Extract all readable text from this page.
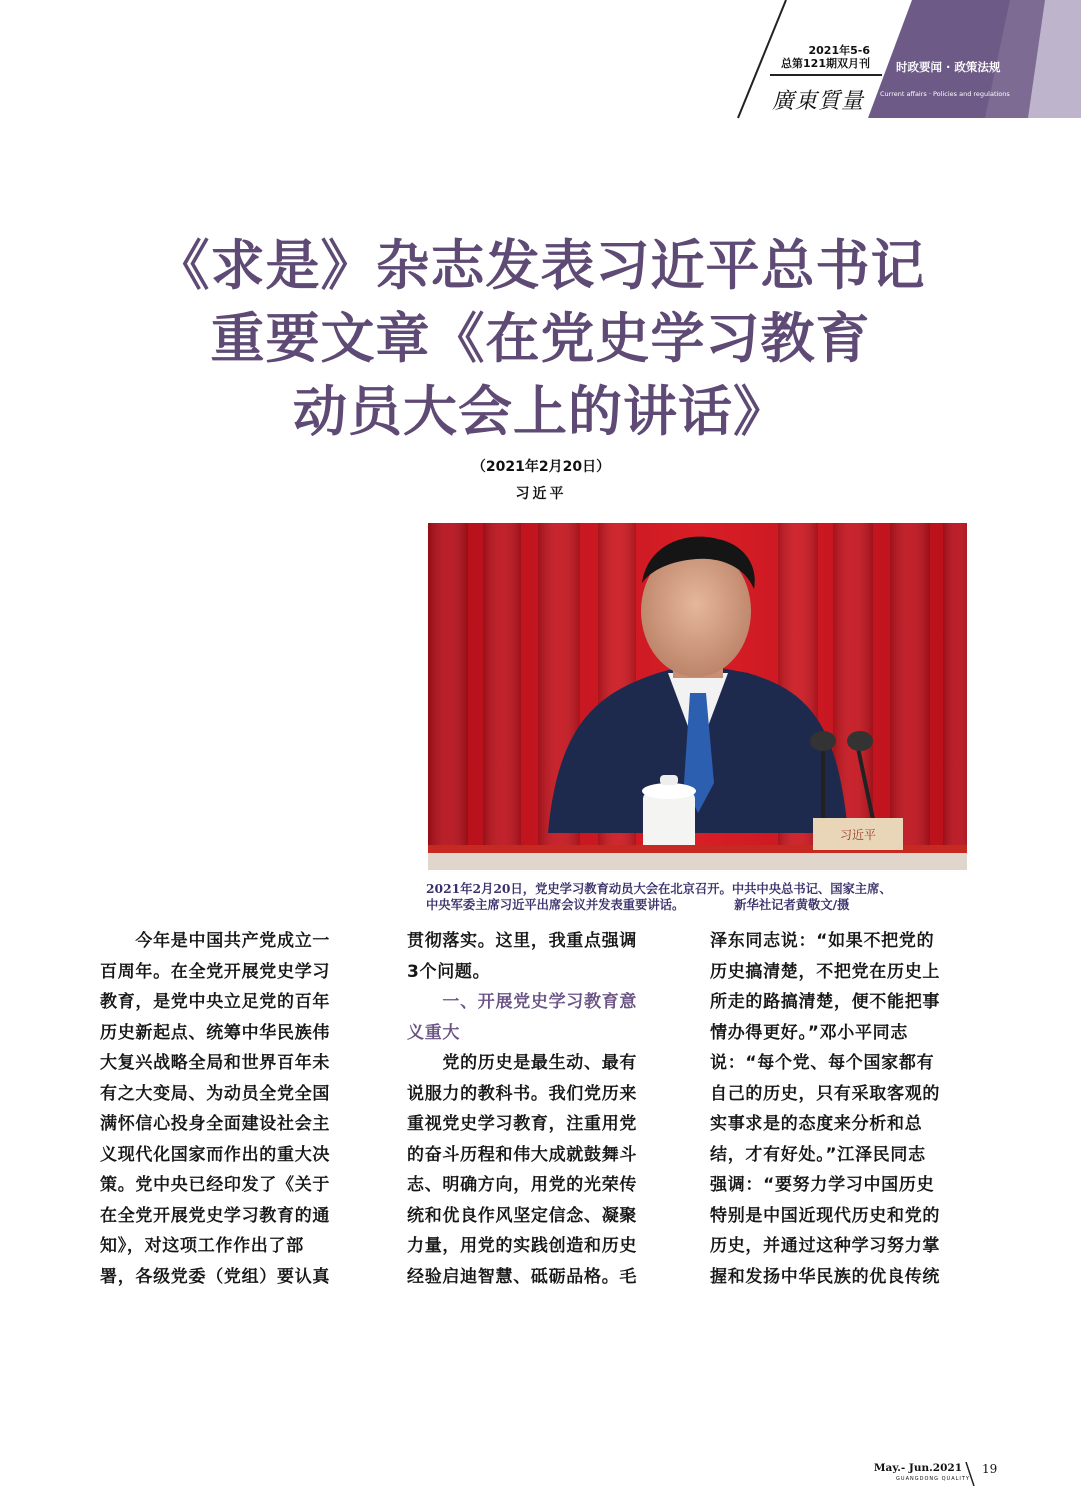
2021年5-6
总第121期双月刊
廣東質量
时政要闻 · 政策法规
Current affairs · Policies and regulations
《求是》杂志发表习近平总书记
重要文章《在党史学习教育
动员大会上的讲话》
（2021年2月20日）
习近平
习近平
2021年2月20日，党史学习教育动员大会在北京召开。中共中央总书记、国家主席、
中央军委主席习近平出席会议并发表重要讲话。	新华社记者黄敬文/摄
　　今年是中国共产党成立一
百周年。在全党开展党史学习
教育，是党中央立足党的百年
历史新起点、统筹中华民族伟
大复兴战略全局和世界百年未
有之大变局、为动员全党全国
满怀信心投身全面建设社会主
义现代化国家而作出的重大决
策。党中央已经印发了《关于
在全党开展党史学习教育的通
知》，对这项工作作出了部
署，各级党委（党组）要认真
贯彻落实。这里，我重点强调
3个问题。
　　一、开展党史学习教育意
义重大
　　党的历史是最生动、最有
说服力的教科书。我们党历来
重视党史学习教育，注重用党
的奋斗历程和伟大成就鼓舞斗
志、明确方向，用党的光荣传
统和优良作风坚定信念、凝聚
力量，用党的实践创造和历史
经验启迪智慧、砥砺品格。毛
泽东同志说：“如果不把党的
历史搞清楚，不把党在历史上
所走的路搞清楚，便不能把事
情办得更好。”邓小平同志
说：“每个党、每个国家都有
自己的历史，只有采取客观的
实事求是的态度来分析和总
结，才有好处。”江泽民同志
强调：“要努力学习中国历史
特别是中国近现代历史和党的
历史，并通过这种学习努力掌
握和发扬中华民族的优良传统
May.- Jun.2021
GUANGDONG QUALITY
19
